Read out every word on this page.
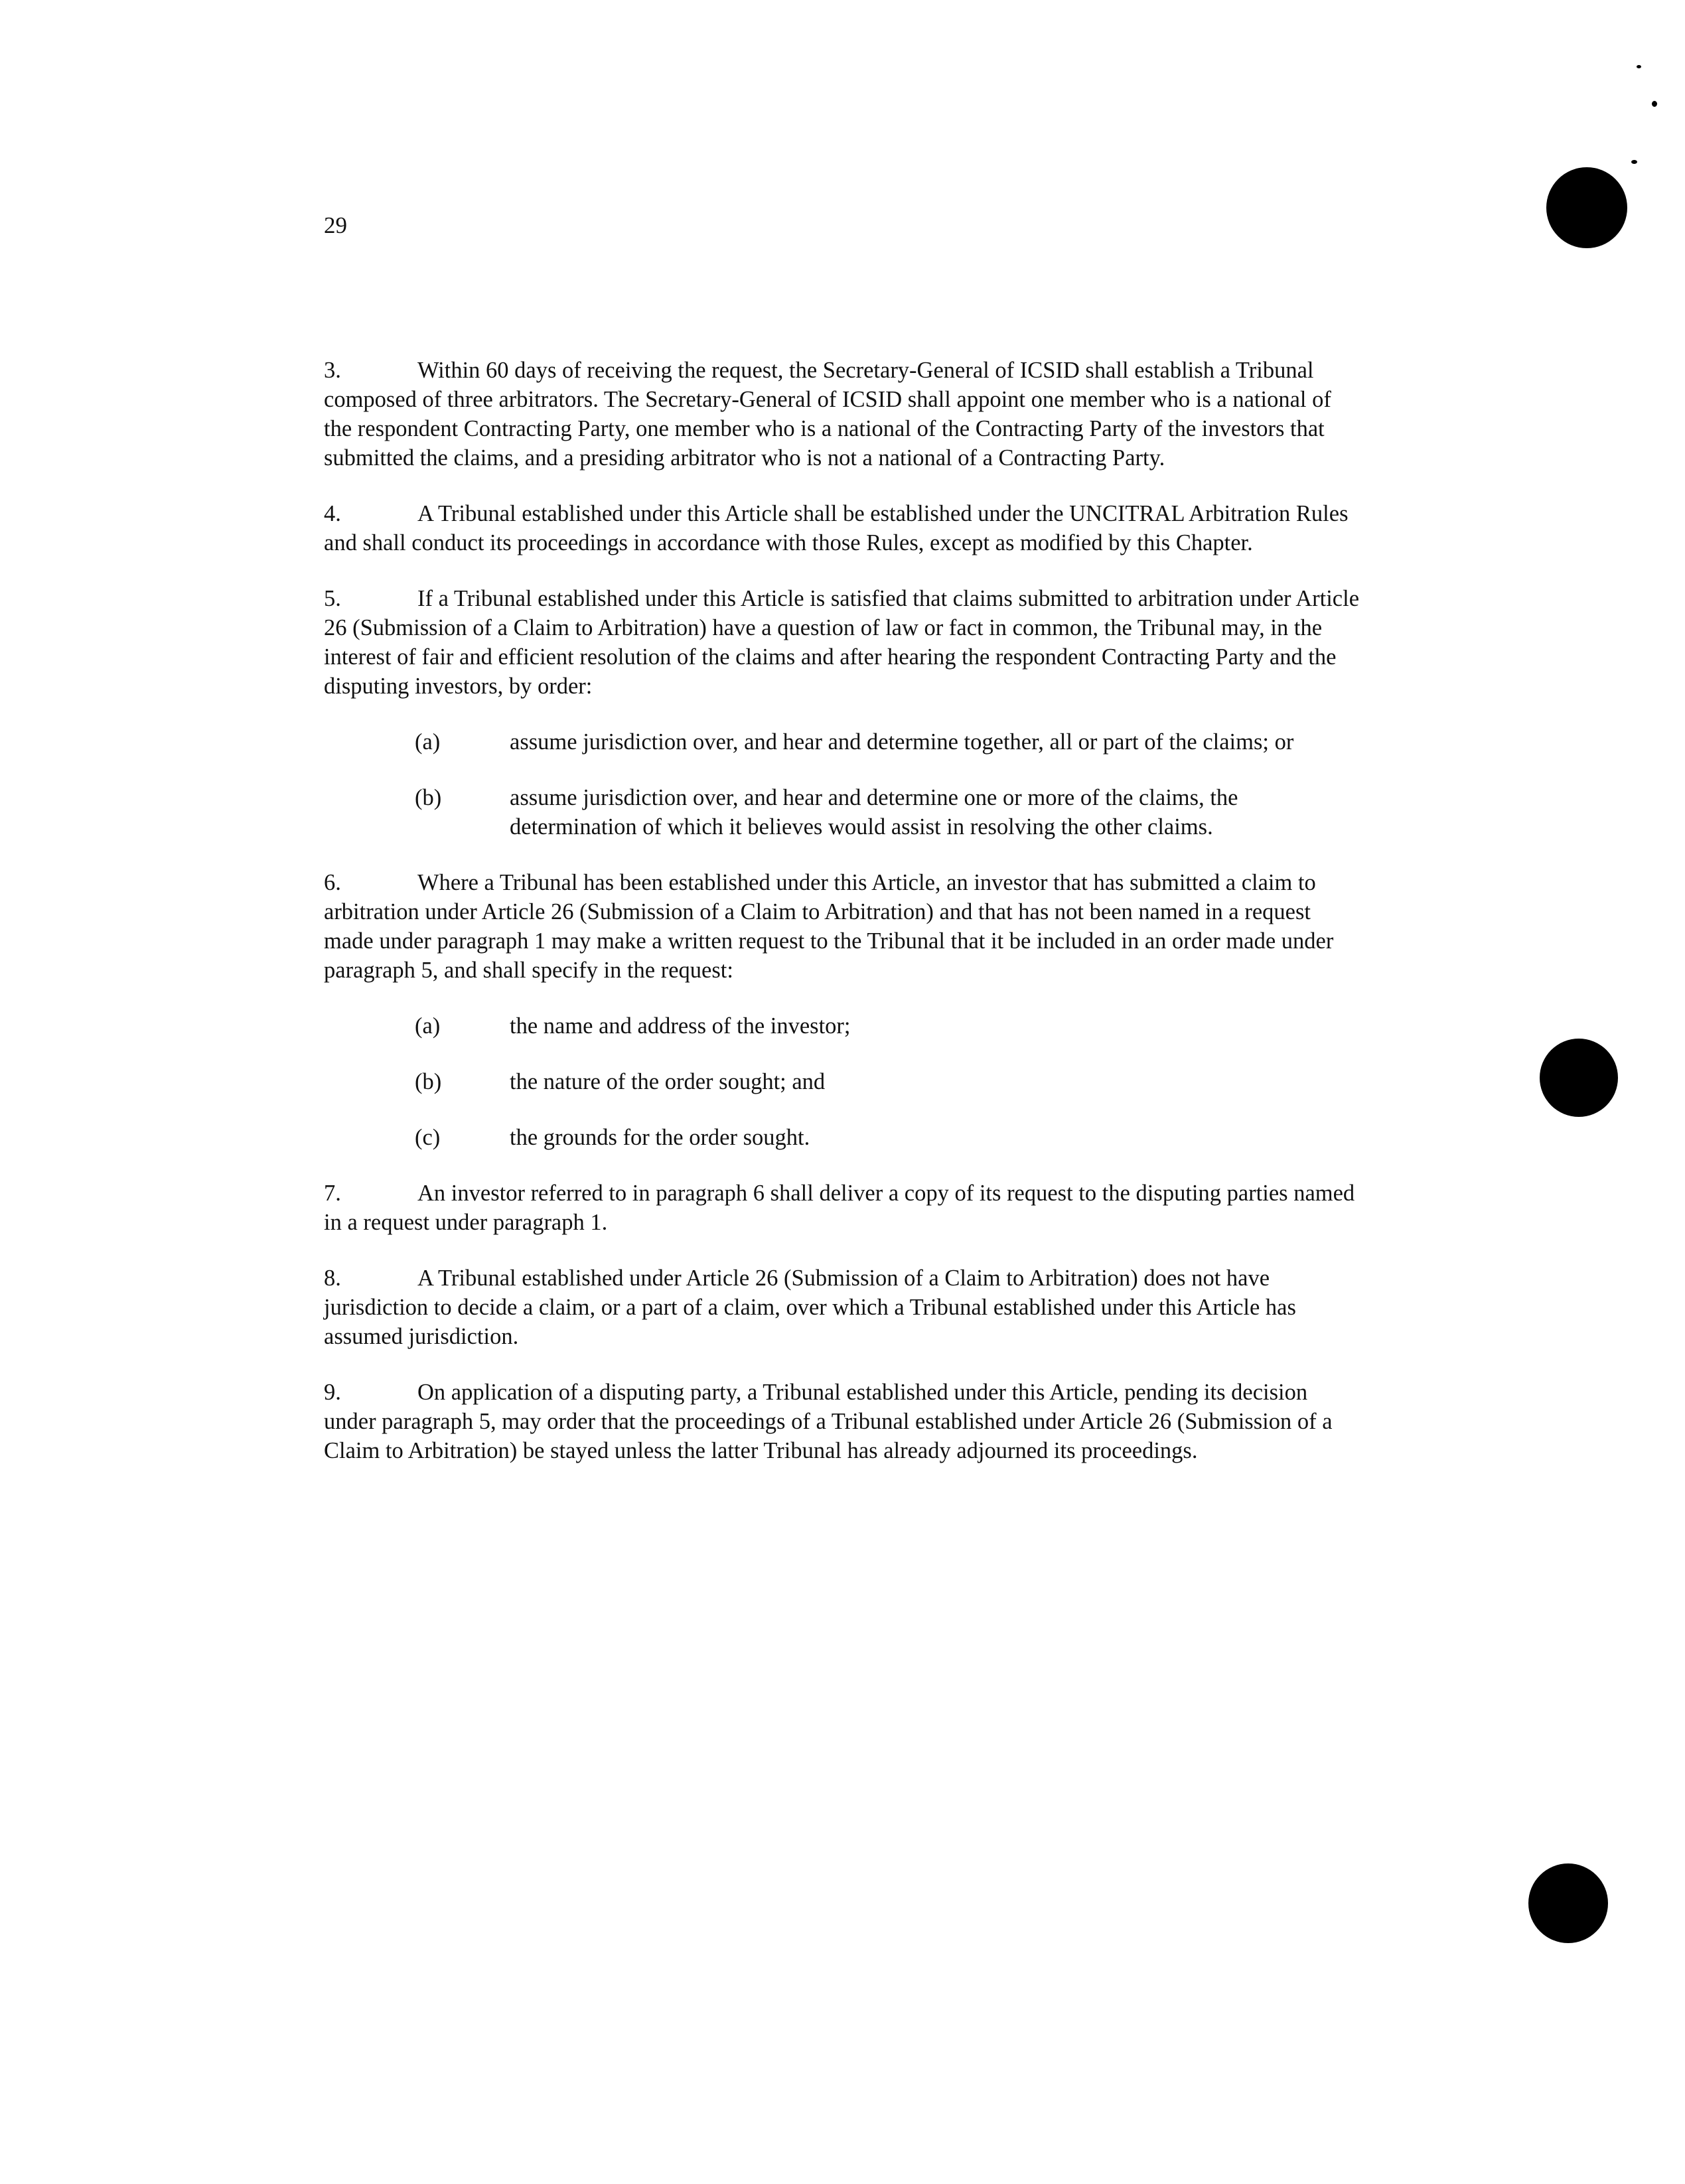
29

3.	Within 60 days of receiving the request, the Secretary-General of ICSID shall establish a Tribunal composed of three arbitrators. The Secretary-General of ICSID shall appoint one member who is a national of the respondent Contracting Party, one member who is a national of the Contracting Party of the investors that submitted the claims, and a presiding arbitrator who is not a national of a Contracting Party.

4.	A Tribunal established under this Article shall be established under the UNCITRAL Arbitration Rules and shall conduct its proceedings in accordance with those Rules, except as modified by this Chapter.

5.	If a Tribunal established under this Article is satisfied that claims submitted to arbitration under Article 26 (Submission of a Claim to Arbitration) have a question of law or fact in common, the Tribunal may, in the interest of fair and efficient resolution of the claims and after hearing the respondent Contracting Party and the disputing investors, by order:

(a)	assume jurisdiction over, and hear and determine together, all or part of the claims; or
(b)	assume jurisdiction over, and hear and determine one or more of the claims, the determination of which it believes would assist in resolving the other claims.

6.	Where a Tribunal has been established under this Article, an investor that has submitted a claim to arbitration under Article 26 (Submission of a Claim to Arbitration) and that has not been named in a request made under paragraph 1 may make a written request to the Tribunal that it be included in an order made under paragraph 5, and shall specify in the request:

(a)	the name and address of the investor;
(b)	the nature of the order sought; and
(c)	the grounds for the order sought.

7.	An investor referred to in paragraph 6 shall deliver a copy of its request to the disputing parties named in a request under paragraph 1.

8.	A Tribunal established under Article 26 (Submission of a Claim to Arbitration) does not have jurisdiction to decide a claim, or a part of a claim, over which a Tribunal established under this Article has assumed jurisdiction.

9.	On application of a disputing party, a Tribunal established under this Article, pending its decision under paragraph 5, may order that the proceedings of a Tribunal established under Article 26 (Submission of a Claim to Arbitration) be stayed unless the latter Tribunal has already adjourned its proceedings.
